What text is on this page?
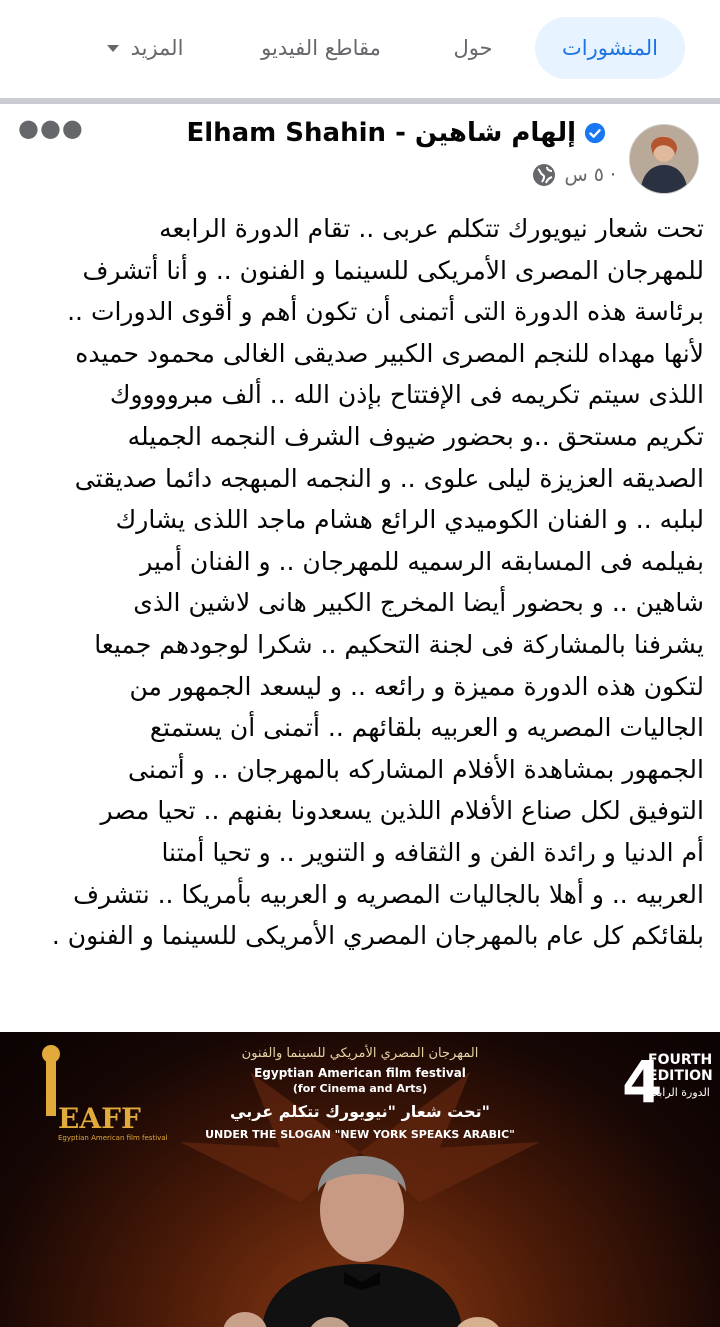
المزيد	مقاطع الفيديو	حول	المنشورات
●●●	Elham Shahin - إلهام شاهين
٥ س ·
تحت شعار نيويورك تتكلم عربى .. تقام الدورة الرابعه
للمهرجان المصرى الأمريكى للسينما و الفنون .. و أنا أتشرف
برئاسة هذه الدورة التى أتمنى أن تكون أهم و أقوى الدورات ..
لأنها مهداه للنجم المصرى الكبير صديقى الغالى محمود حميده
اللذى سيتم تكريمه فى الإفتتاح بإذن الله .. ألف مبرووووك
تكريم مستحق ..و بحضور ضيوف الشرف النجمه الجميله
الصديقه العزيزة ليلى علوى .. و النجمه المبهجه دائما صديقتى
لبلبه .. و الفنان الكوميدي الرائع هشام ماجد اللذى يشارك
بفيلمه فى المسابقه الرسميه للمهرجان .. و الفنان أمير
شاهين .. و بحضور أيضا المخرج الكبير هانى لاشين الذى
يشرفنا بالمشاركة فى لجنة التحكيم .. شكرا لوجودهم جميعا
لتكون هذه الدورة مميزة و رائعه .. و ليسعد الجمهور من
الجاليات المصريه و العربيه بلقائهم .. أتمنى أن يستمتع
الجمهور بمشاهدة الأفلام المشاركه بالمهرجان .. و أتمنى
التوفيق لكل صناع الأفلام اللذين يسعدونا بفنهم .. تحيا مصر
أم الدنيا و رائدة الفن و الثقافه و التنوير .. و تحيا أمتنا
العربيه .. و أهلا بالجاليات المصريه و العربيه بأمريكا .. نتشرف
بلقائكم كل عام بالمهرجان المصري الأمريكى للسينما و الفنون .
المهرجان المصري الأمريكي للسينما والفنون
Egyptian American film festival
(for Cinema and Arts)
تحت شعار "نيويورك تتكلم عربي"
UNDER THE SLOGAN "NEW YORK SPEAKS ARABIC"
EAFF
Egyptian American film festival
4
FOURTH EDITION
الدورة الرابعة
